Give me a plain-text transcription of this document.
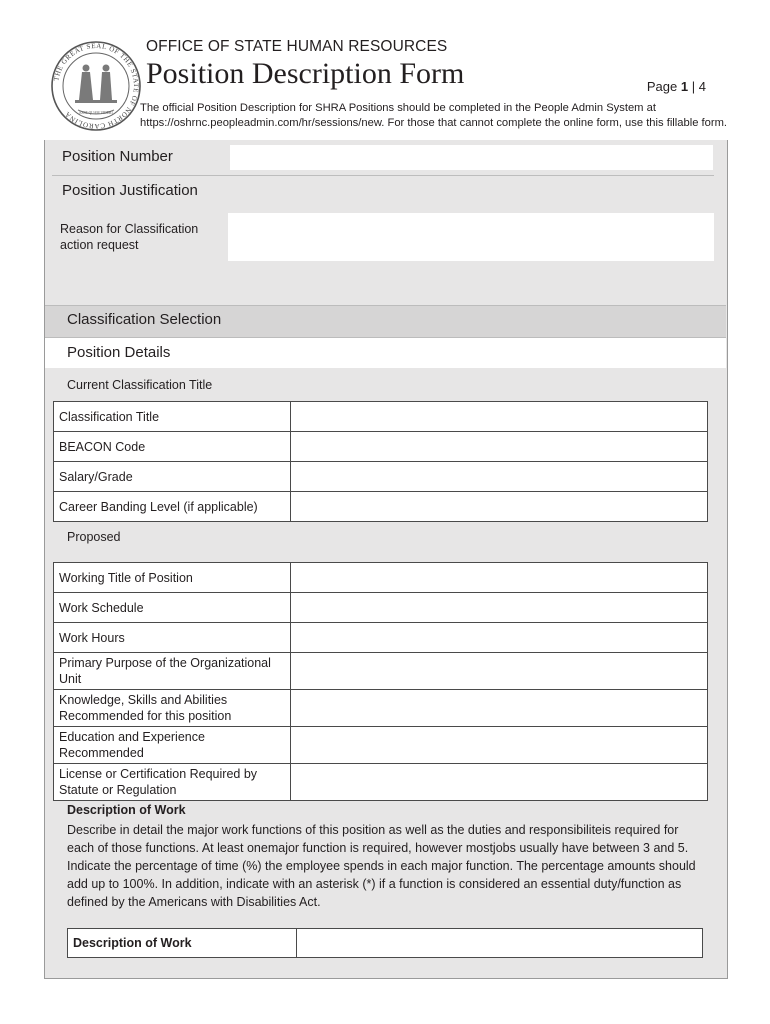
THE GREAT SEAL OF THE STATE OF NORTH CAROLINA	ESSE QUAM VIDERI
OFFICE OF STATE HUMAN RESOURCES
Position Description Form	Page 1 | 4
The official Position Description for SHRA Positions should be completed in the People Admin System at https://oshrnc.peopleadmin.com/hr/sessions/new. For those that cannot complete the online form, use this fillable form.
Position Number
Position Justification
Reason for Classification action request
Classification Selection
Position Details
Current Classification Title
Classification Title	
BEACON Code	
Salary/Grade	
Career Banding Level (if applicable)	
Proposed
Working Title of Position	
Work Schedule	
Work Hours	
Primary Purpose of the Organizational Unit	
Knowledge, Skills and Abilities Recommended for this position	
Education and Experience Recommended	
License or Certification Required by Statute or Regulation	
Description of Work
Describe in detail the major work functions of this position as well as the duties and responsibiliteis required for each of those functions. At least onemajor function is required, however mostjobs usually have between 3 and 5. Indicate the percentage of time (%) the employee spends in each major function. The percentage amounts should add up to 100%. In addition, indicate with an asterisk (*) if a function is considered an essential duty/function as defined by the Americans with Disabilities Act.
Description of Work	
